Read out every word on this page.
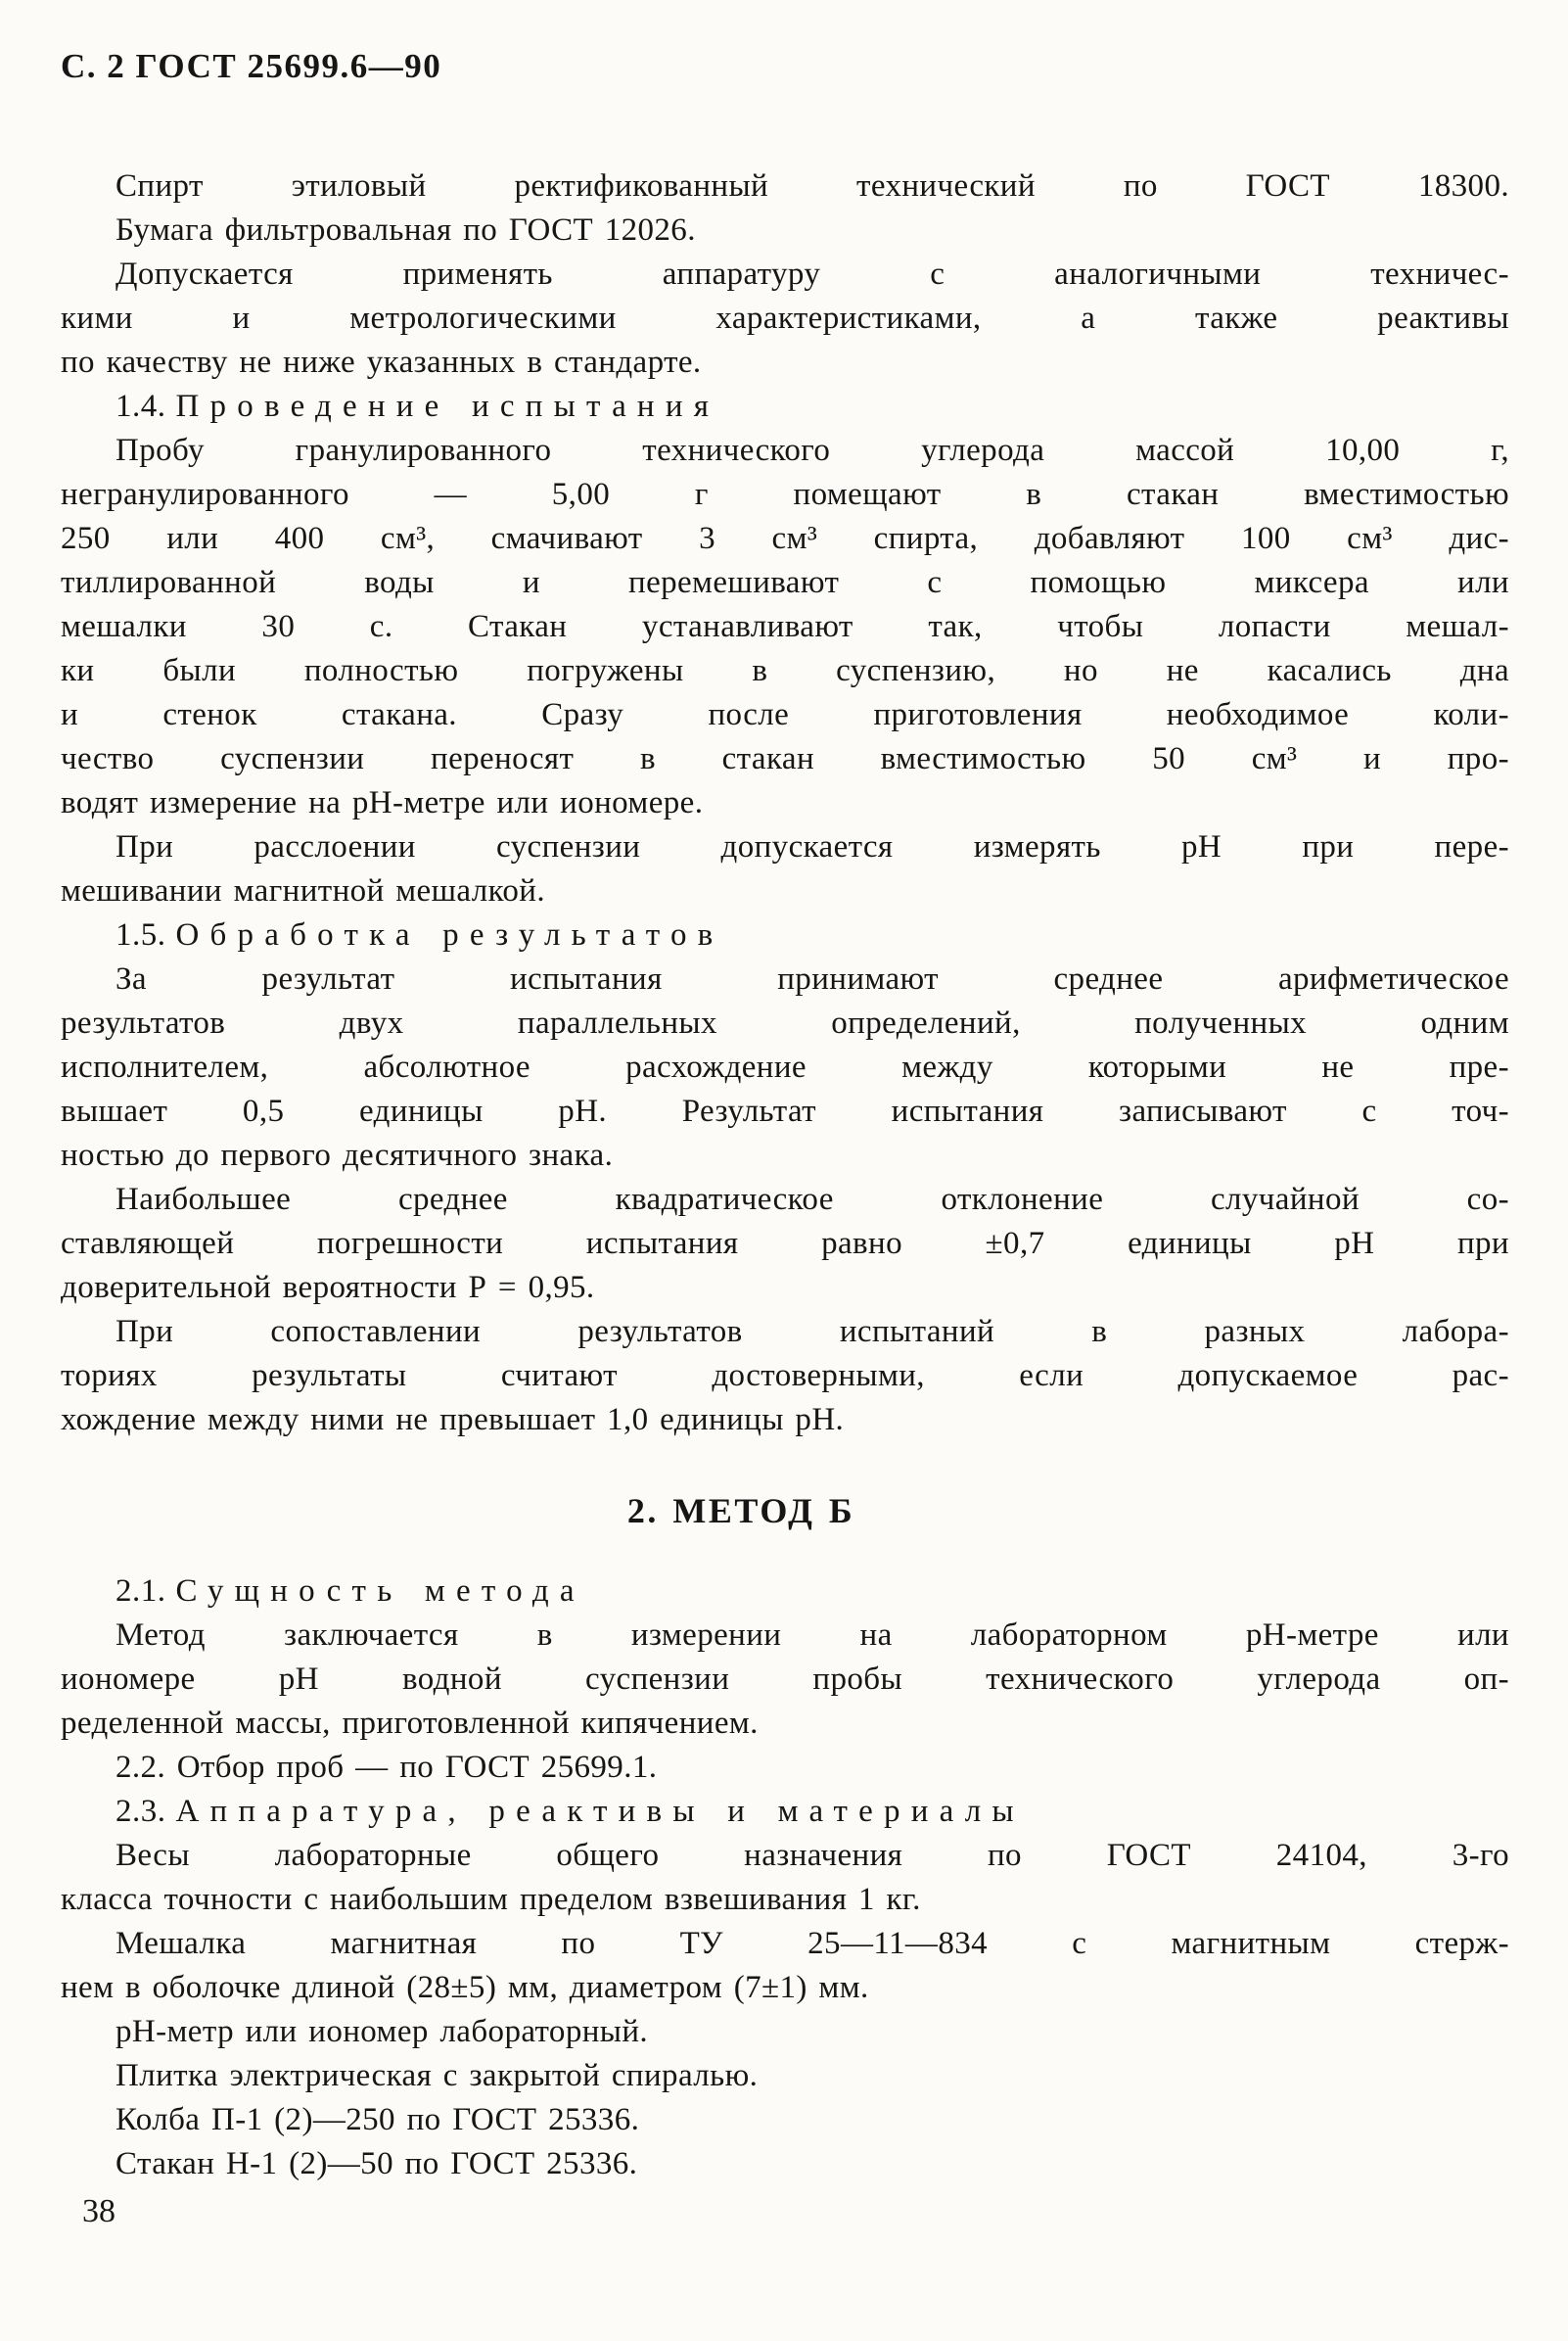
С. 2 ГОСТ 25699.6—90
Спирт этиловый ректификованный технический по ГОСТ 18300.
Бумага фильтровальная по ГОСТ 12026.
Допускается применять аппаратуру с аналогичными техничес-
кими и метрологическими характеристиками, а также реактивы
по качеству не ниже указанных в стандарте.
1.4. Проведение испытания
Пробу гранулированного технического углерода массой 10,00 г,
негранулированного — 5,00 г помещают в стакан вместимостью
250 или 400 см³, смачивают 3 см³ спирта, добавляют 100 см³ дис-
тиллированной воды и перемешивают с помощью миксера или
мешалки 30 с. Стакан устанавливают так, чтобы лопасти мешал-
ки были полностью погружены в суспензию, но не касались дна
и стенок стакана. Сразу после приготовления необходимое коли-
чество суспензии переносят в стакан вместимостью 50 см³ и про-
водят измерение на рН-метре или иономере.
При расслоении суспензии допускается измерять рН при пере-
мешивании магнитной мешалкой.
1.5. Обработка результатов
За результат испытания принимают среднее арифметическое
результатов двух параллельных определений, полученных одним
исполнителем, абсолютное расхождение между которыми не пре-
вышает 0,5 единицы рН. Результат испытания записывают с точ-
ностью до первого десятичного знака.
Наибольшее среднее квадратическое отклонение случайной со-
ставляющей погрешности испытания равно ±0,7 единицы рН при
доверительной вероятности Р = 0,95.
При сопоставлении результатов испытаний в разных лабора-
ториях результаты считают достоверными, если допускаемое рас-
хождение между ними не превышает 1,0 единицы рН.
2. МЕТОД Б
2.1. Сущность метода
Метод заключается в измерении на лабораторном рН-метре или
иономере рН водной суспензии пробы технического углерода оп-
ределенной массы, приготовленной кипячением.
2.2. Отбор проб — по ГОСТ 25699.1.
2.3. Аппаратура, реактивы и материалы
Весы лабораторные общего назначения по ГОСТ 24104, 3-го
класса точности с наибольшим пределом взвешивания 1 кг.
Мешалка магнитная по ТУ 25—11—834 с магнитным стерж-
нем в оболочке длиной (28±5) мм, диаметром (7±1) мм.
рН-метр или иономер лабораторный.
Плитка электрическая с закрытой спиралью.
Колба П-1 (2)—250 по ГОСТ 25336.
Стакан Н-1 (2)—50 по ГОСТ 25336.
38
